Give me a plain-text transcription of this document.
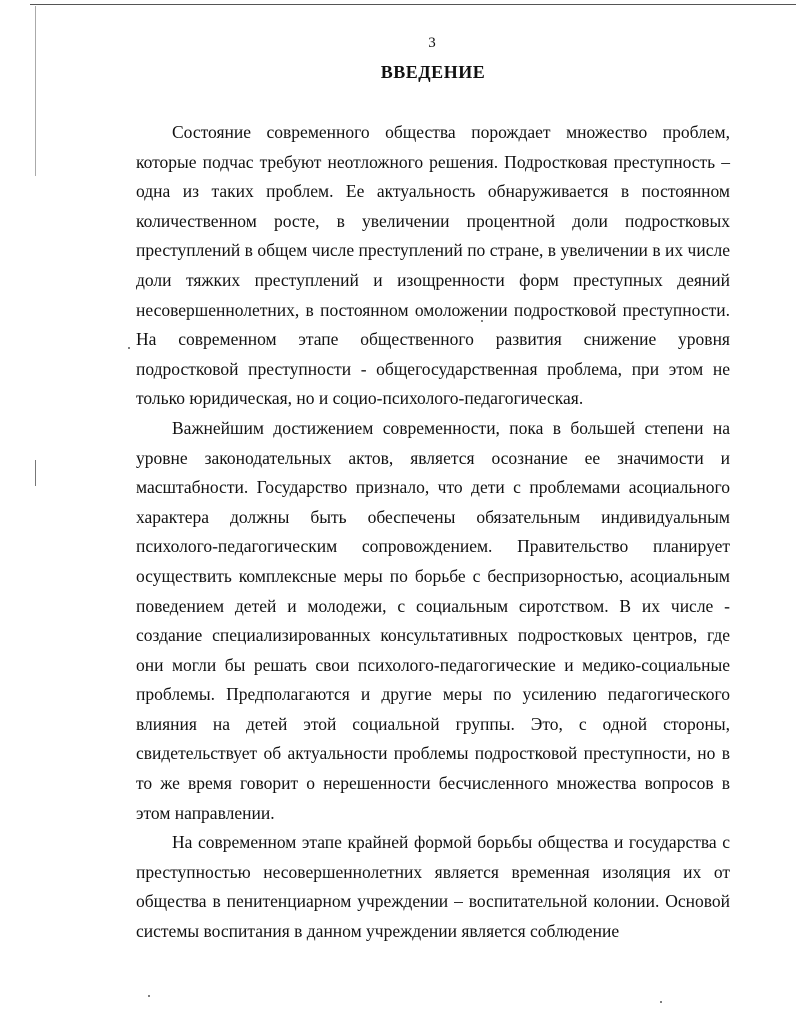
3
ВВЕДЕНИЕ

Состояние современного общества порождает множество проблем, которые подчас требуют неотложного решения. Подростковая преступность – одна из таких проблем. Ее актуальность обнаруживается в постоянном количественном росте, в увеличении процентной доли подростковых преступлений в общем числе преступлений по стране, в увеличении в их числе доли тяжких преступлений и изощренности форм преступных деяний несовершеннолетних, в постоянном омоложении подростковой преступности. На современном этапе общественного развития снижение уровня подростковой преступности - общегосударственная проблема, при этом не только юридическая, но и социо-психолого-педагогическая.

Важнейшим достижением современности, пока в большей степени на уровне законодательных актов, является осознание ее значимости и масштабности. Государство признало, что дети с проблемами асоциального характера должны быть обеспечены обязательным индивидуальным психолого-педагогическим сопровождением. Правительство планирует осуществить комплексные меры по борьбе с беспризорностью, асоциальным поведением детей и молодежи, с социальным сиротством. В их числе - создание специализированных консультативных подростковых центров, где они могли бы решать свои психолого-педагогические и медико-социальные проблемы. Предполагаются и другие меры по усилению педагогического влияния на детей этой социальной группы. Это, с одной стороны, свидетельствует об актуальности проблемы подростковой преступности, но в то же время говорит о нерешенности бесчисленного множества вопросов в этом направлении.

На современном этапе крайней формой борьбы общества и государства с преступностью несовершеннолетних является временная изоляция их от общества в пенитенциарном учреждении – воспитательной колонии. Основой системы воспитания в данном учреждении является соблюдение
